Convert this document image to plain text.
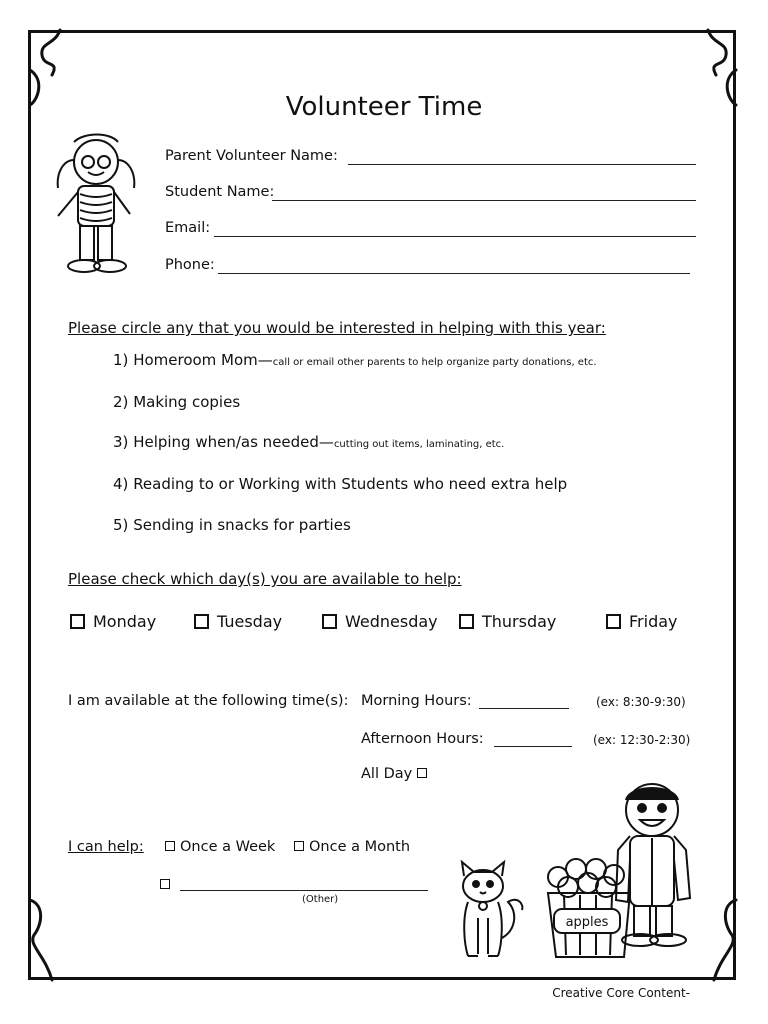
Volunteer Time
Parent Volunteer Name:
Student Name:
Email:
Phone:
Please circle any that you would be interested in helping with this year:
1) Homeroom Mom—call or email other parents to help organize party donations, etc.
2) Making copies
3) Helping when/as needed—cutting out items, laminating, etc.
4) Reading to or Working with Students who need extra help
5) Sending in snacks for parties
Please check which day(s) you are available to help:
Monday	Tuesday	Wednesday	Thursday	Friday
I am available at the following time(s): Morning Hours:	(ex: 8:30-9:30)
Afternoon Hours:	(ex: 12:30-2:30)
All Day
I can help:	Once a Week	Once a Month
(Other)
apples
Creative Core Content-
